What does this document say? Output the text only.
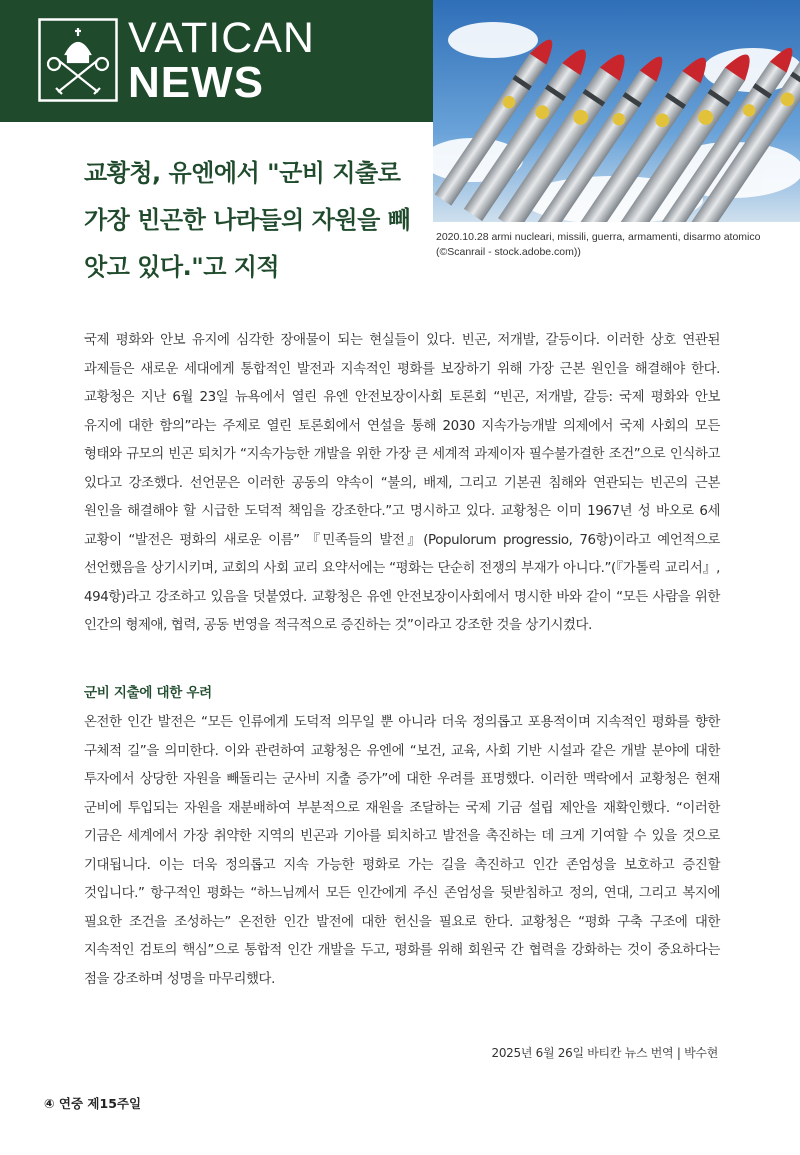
VATICAN
NEWS
2020.10.28 armi nucleari, missili, guerra, armamenti, disarmo atomico
(©Scanrail - stock.adobe.com))
교황청, 유엔에서 "군비 지출로 가장 빈곤한 나라들의 자원을 빼앗고 있다."고 지적

국제 평화와 안보 유지에 심각한 장애물이 되는 현실들이 있다. 빈곤, 저개발, 갈등이다. 이러한 상호 연관된 과제들은 새로운 세대에게 통합적인 발전과 지속적인 평화를 보장하기 위해 가장 근본 원인을 해결해야 한다. 교황청은 지난 6월 23일 뉴욕에서 열린 유엔 안전보장이사회 토론회 “빈곤, 저개발, 갈등: 국제 평화와 안보 유지에 대한 함의”라는 주제로 열린 토론회에서 연설을 통해 2030 지속가능개발 의제에서 국제 사회의 모든 형태와 규모의 빈곤 퇴치가 “지속가능한 개발을 위한 가장 큰 세계적 과제이자 필수불가결한 조건”으로 인식하고 있다고 강조했다. 선언문은 이러한 공동의 약속이 “불의, 배제, 그리고 기본권 침해와 연관되는 빈곤의 근본 원인을 해결해야 할 시급한 도덕적 책임을 강조한다.”고 명시하고 있다. 교황청은 이미 1967년 성 바오로 6세 교황이 “발전은 평화의 새로운 이름” 『민족들의 발전』(Populorum progressio, 76항)이라고 예언적으로 선언했음을 상기시키며, 교회의 사회 교리 요약서에는 “평화는 단순히 전쟁의 부재가 아니다.”(『가톨릭 교리서』, 494항)라고 강조하고 있음을 덧붙였다. 교황청은 유엔 안전보장이사회에서 명시한 바와 같이 “모든 사람을 위한 인간의 형제애, 협력, 공동 번영을 적극적으로 증진하는 것”이라고 강조한 것을 상기시켰다.

군비 지출에 대한 우려

온전한 인간 발전은 “모든 인류에게 도덕적 의무일 뿐 아니라 더욱 정의롭고 포용적이며 지속적인 평화를 향한 구체적 길”을 의미한다. 이와 관련하여 교황청은 유엔에 “보건, 교육, 사회 기반 시설과 같은 개발 분야에 대한 투자에서 상당한 자원을 빼돌리는 군사비 지출 증가”에 대한 우려를 표명했다. 이러한 맥락에서 교황청은 현재 군비에 투입되는 자원을 재분배하여 부분적으로 재원을 조달하는 국제 기금 설립 제안을 재확인했다. “이러한 기금은 세계에서 가장 취약한 지역의 빈곤과 기아를 퇴치하고 발전을 촉진하는 데 크게 기여할 수 있을 것으로 기대됩니다. 이는 더욱 정의롭고 지속 가능한 평화로 가는 길을 촉진하고 인간 존엄성을 보호하고 증진할 것입니다.” 항구적인 평화는 “하느님께서 모든 인간에게 주신 존엄성을 뒷받침하고 정의, 연대, 그리고 복지에 필요한 조건을 조성하는” 온전한 인간 발전에 대한 헌신을 필요로 한다. 교황청은 “평화 구축 구조에 대한 지속적인 검토의 핵심”으로 통합적 인간 개발을 두고, 평화를 위해 회원국 간 협력을 강화하는 것이 중요하다는 점을 강조하며 성명을 마무리했다.

2025년 6월 26일 바티칸 뉴스 번역 | 박수현
④ 연중 제15주일
